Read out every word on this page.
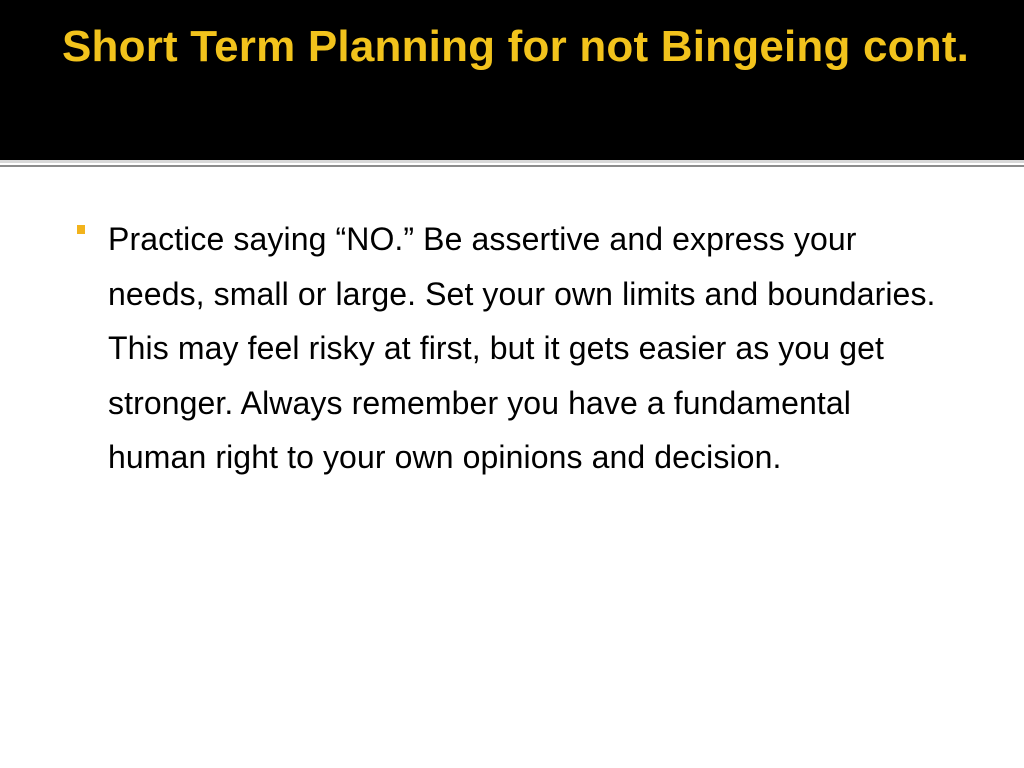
Short Term Planning for not Bingeing cont.

Practice saying “NO.” Be assertive and express your needs, small or large. Set your own limits and boundaries. This may feel risky at first, but it gets easier as you get stronger. Always remember you have a fundamental human right to your own opinions and decision.
